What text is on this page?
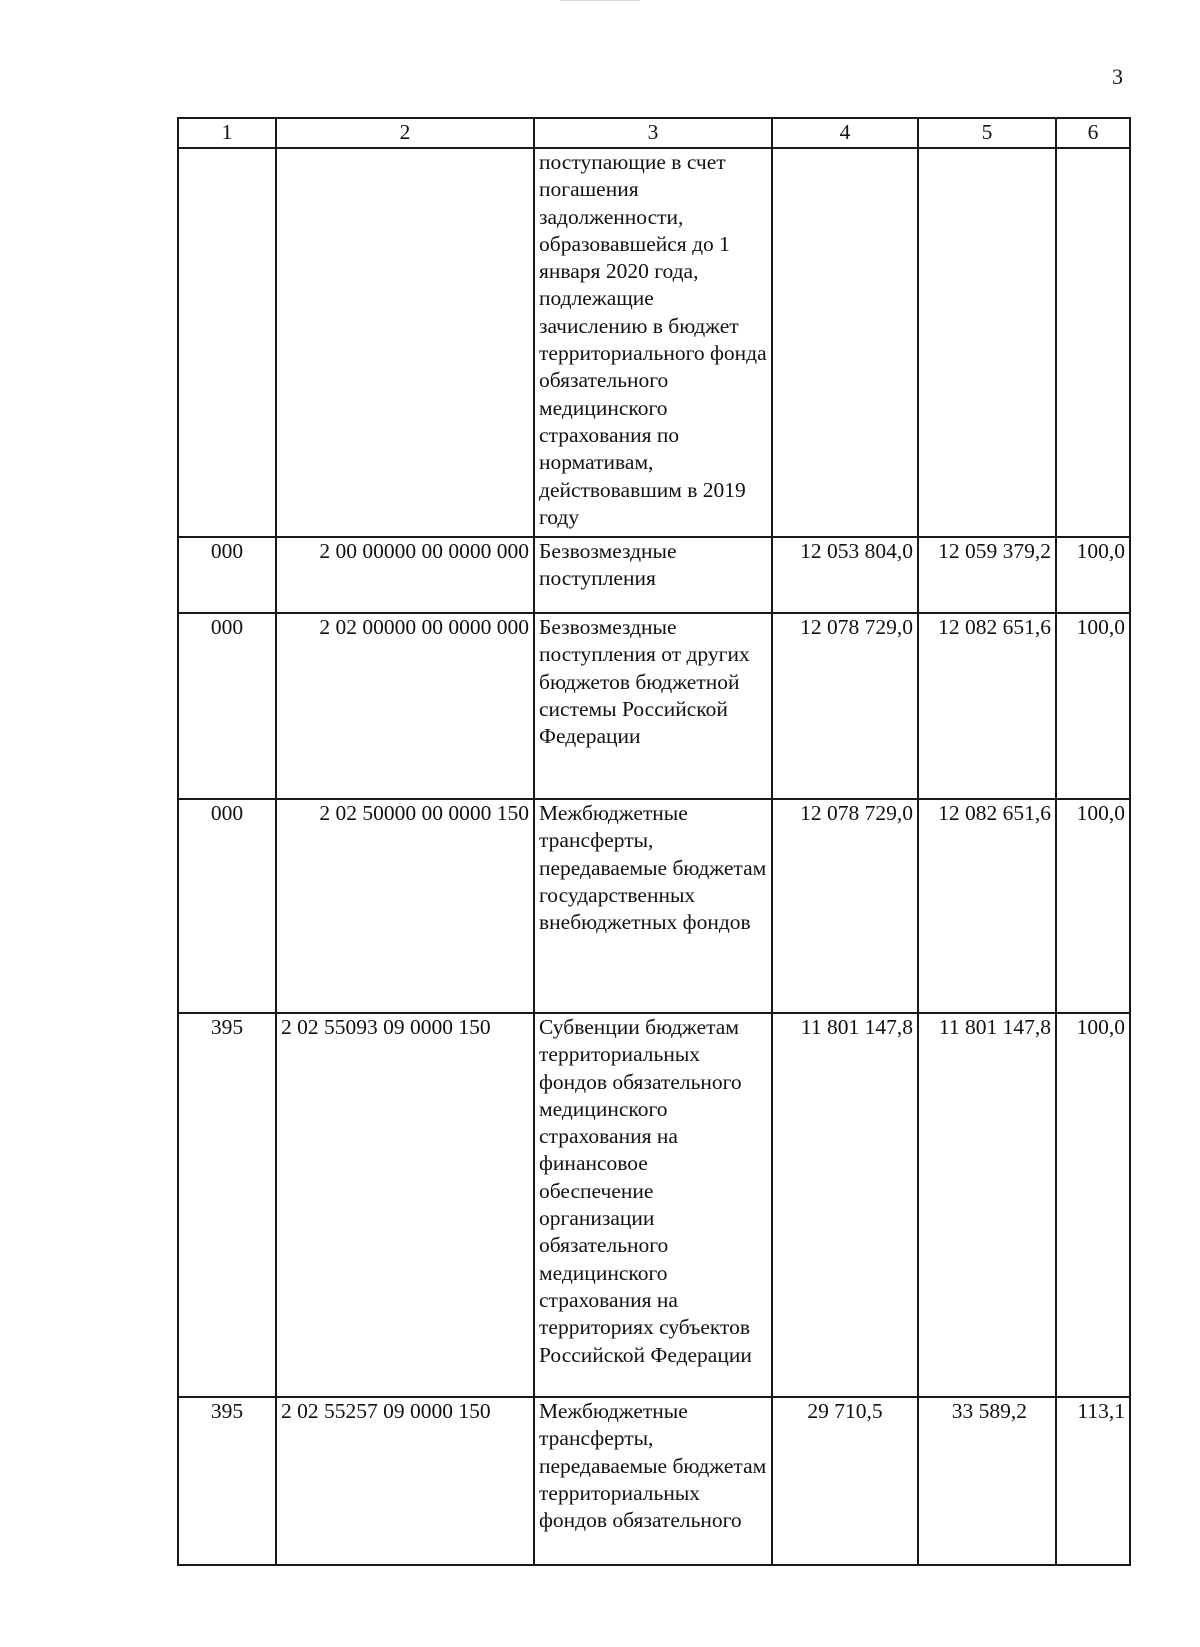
3
1	2	3	4	5	6

		поступающие в счет погашения задолженности, образовавшейся до 1 января 2020 года, подлежащие зачислению в бюджет территориального фонда обязательного медицинского страхования по нормативам, действовавшим в 2019 году			

000	2 00 00000 00 0000 000	Безвозмездные поступления	12 053 804,0	12 059 379,2	100,0
000	2 02 00000 00 0000 000	Безвозмездные поступления от других бюджетов бюджетной системы Российской Федерации	12 078 729,0	12 082 651,6	100,0
000	2 02 50000 00 0000 150	Межбюджетные трансферты, передаваемые бюджетам государственных внебюджетных фондов	12 078 729,0	12 082 651,6	100,0
395	2 02 55093 09 0000 150	Субвенции бюджетам территориальных фондов обязательного медицинского страхования на финансовое обеспечение организации обязательного медицинского страхования на территориях субъектов Российской Федерации	11 801 147,8	11 801 147,8	100,0
395	2 02 55257 09 0000 150	Межбюджетные трансферты, передаваемые бюджетам территориальных фондов обязательного	29 710,5	33 589,2	113,1
